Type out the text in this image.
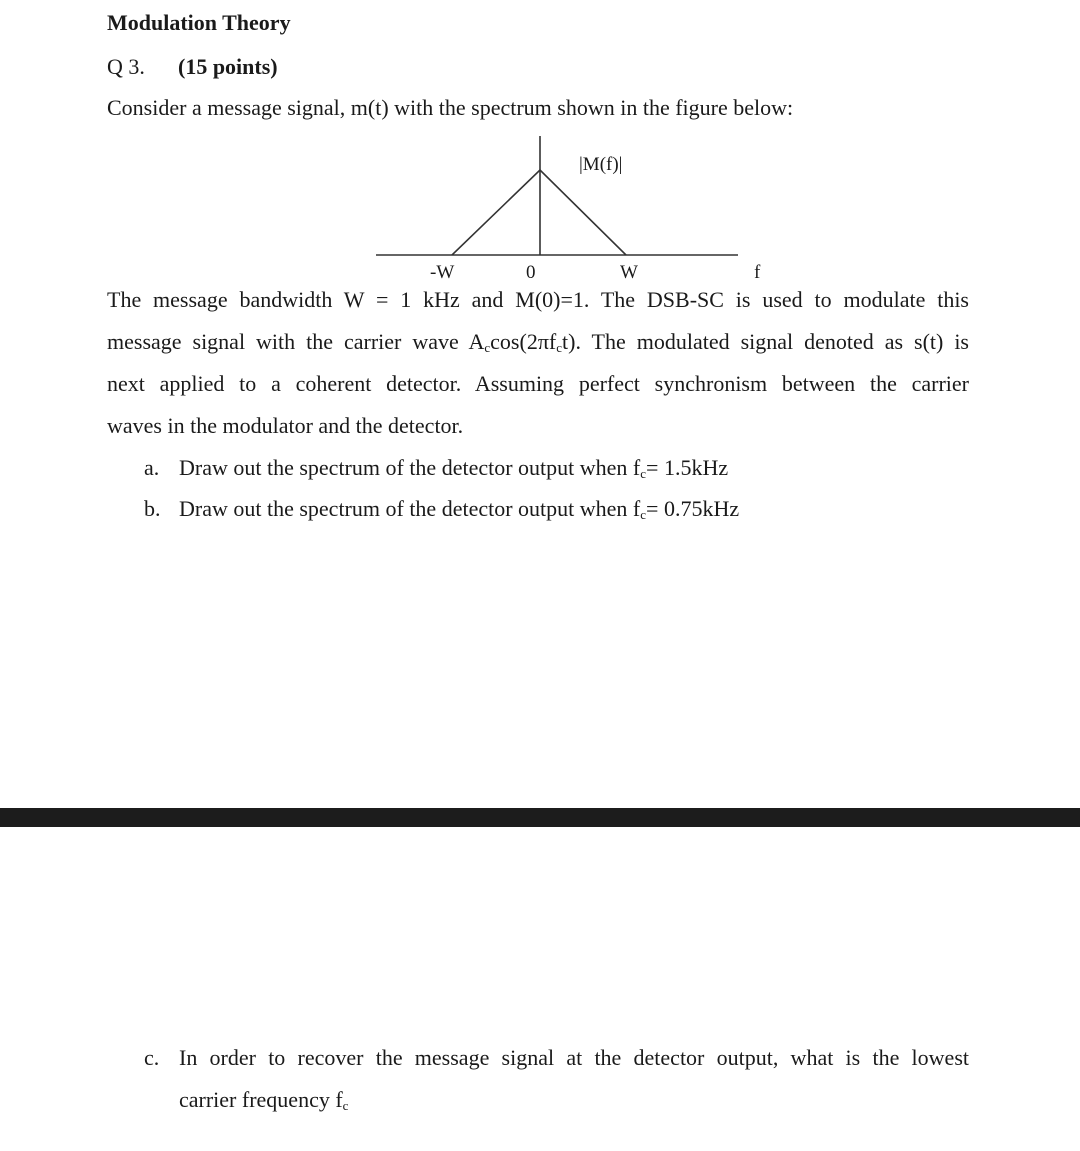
Modulation Theory
Q 3. (15 points)
Consider a message signal, m(t) with the spectrum shown in the figure below:
|M(f)|
-W	0	W	f
The message bandwidth W = 1 kHz and M(0)=1. The DSB-SC is used to modulate this
message signal with the carrier wave $A_c\cos(2\pi f_ct)$. The modulated signal denoted as s(t) is
next applied to a coherent detector. Assuming perfect synchronism between the carrier
waves in the modulator and the detector.
a. Draw out the spectrum of the detector output when $f_c= 1.5kHz$
b. Draw out the spectrum of the detector output when $f_c= 0.75kHz$
c. In order to recover the message signal at the detector output, what is the lowest
carrier frequency $f_c$
